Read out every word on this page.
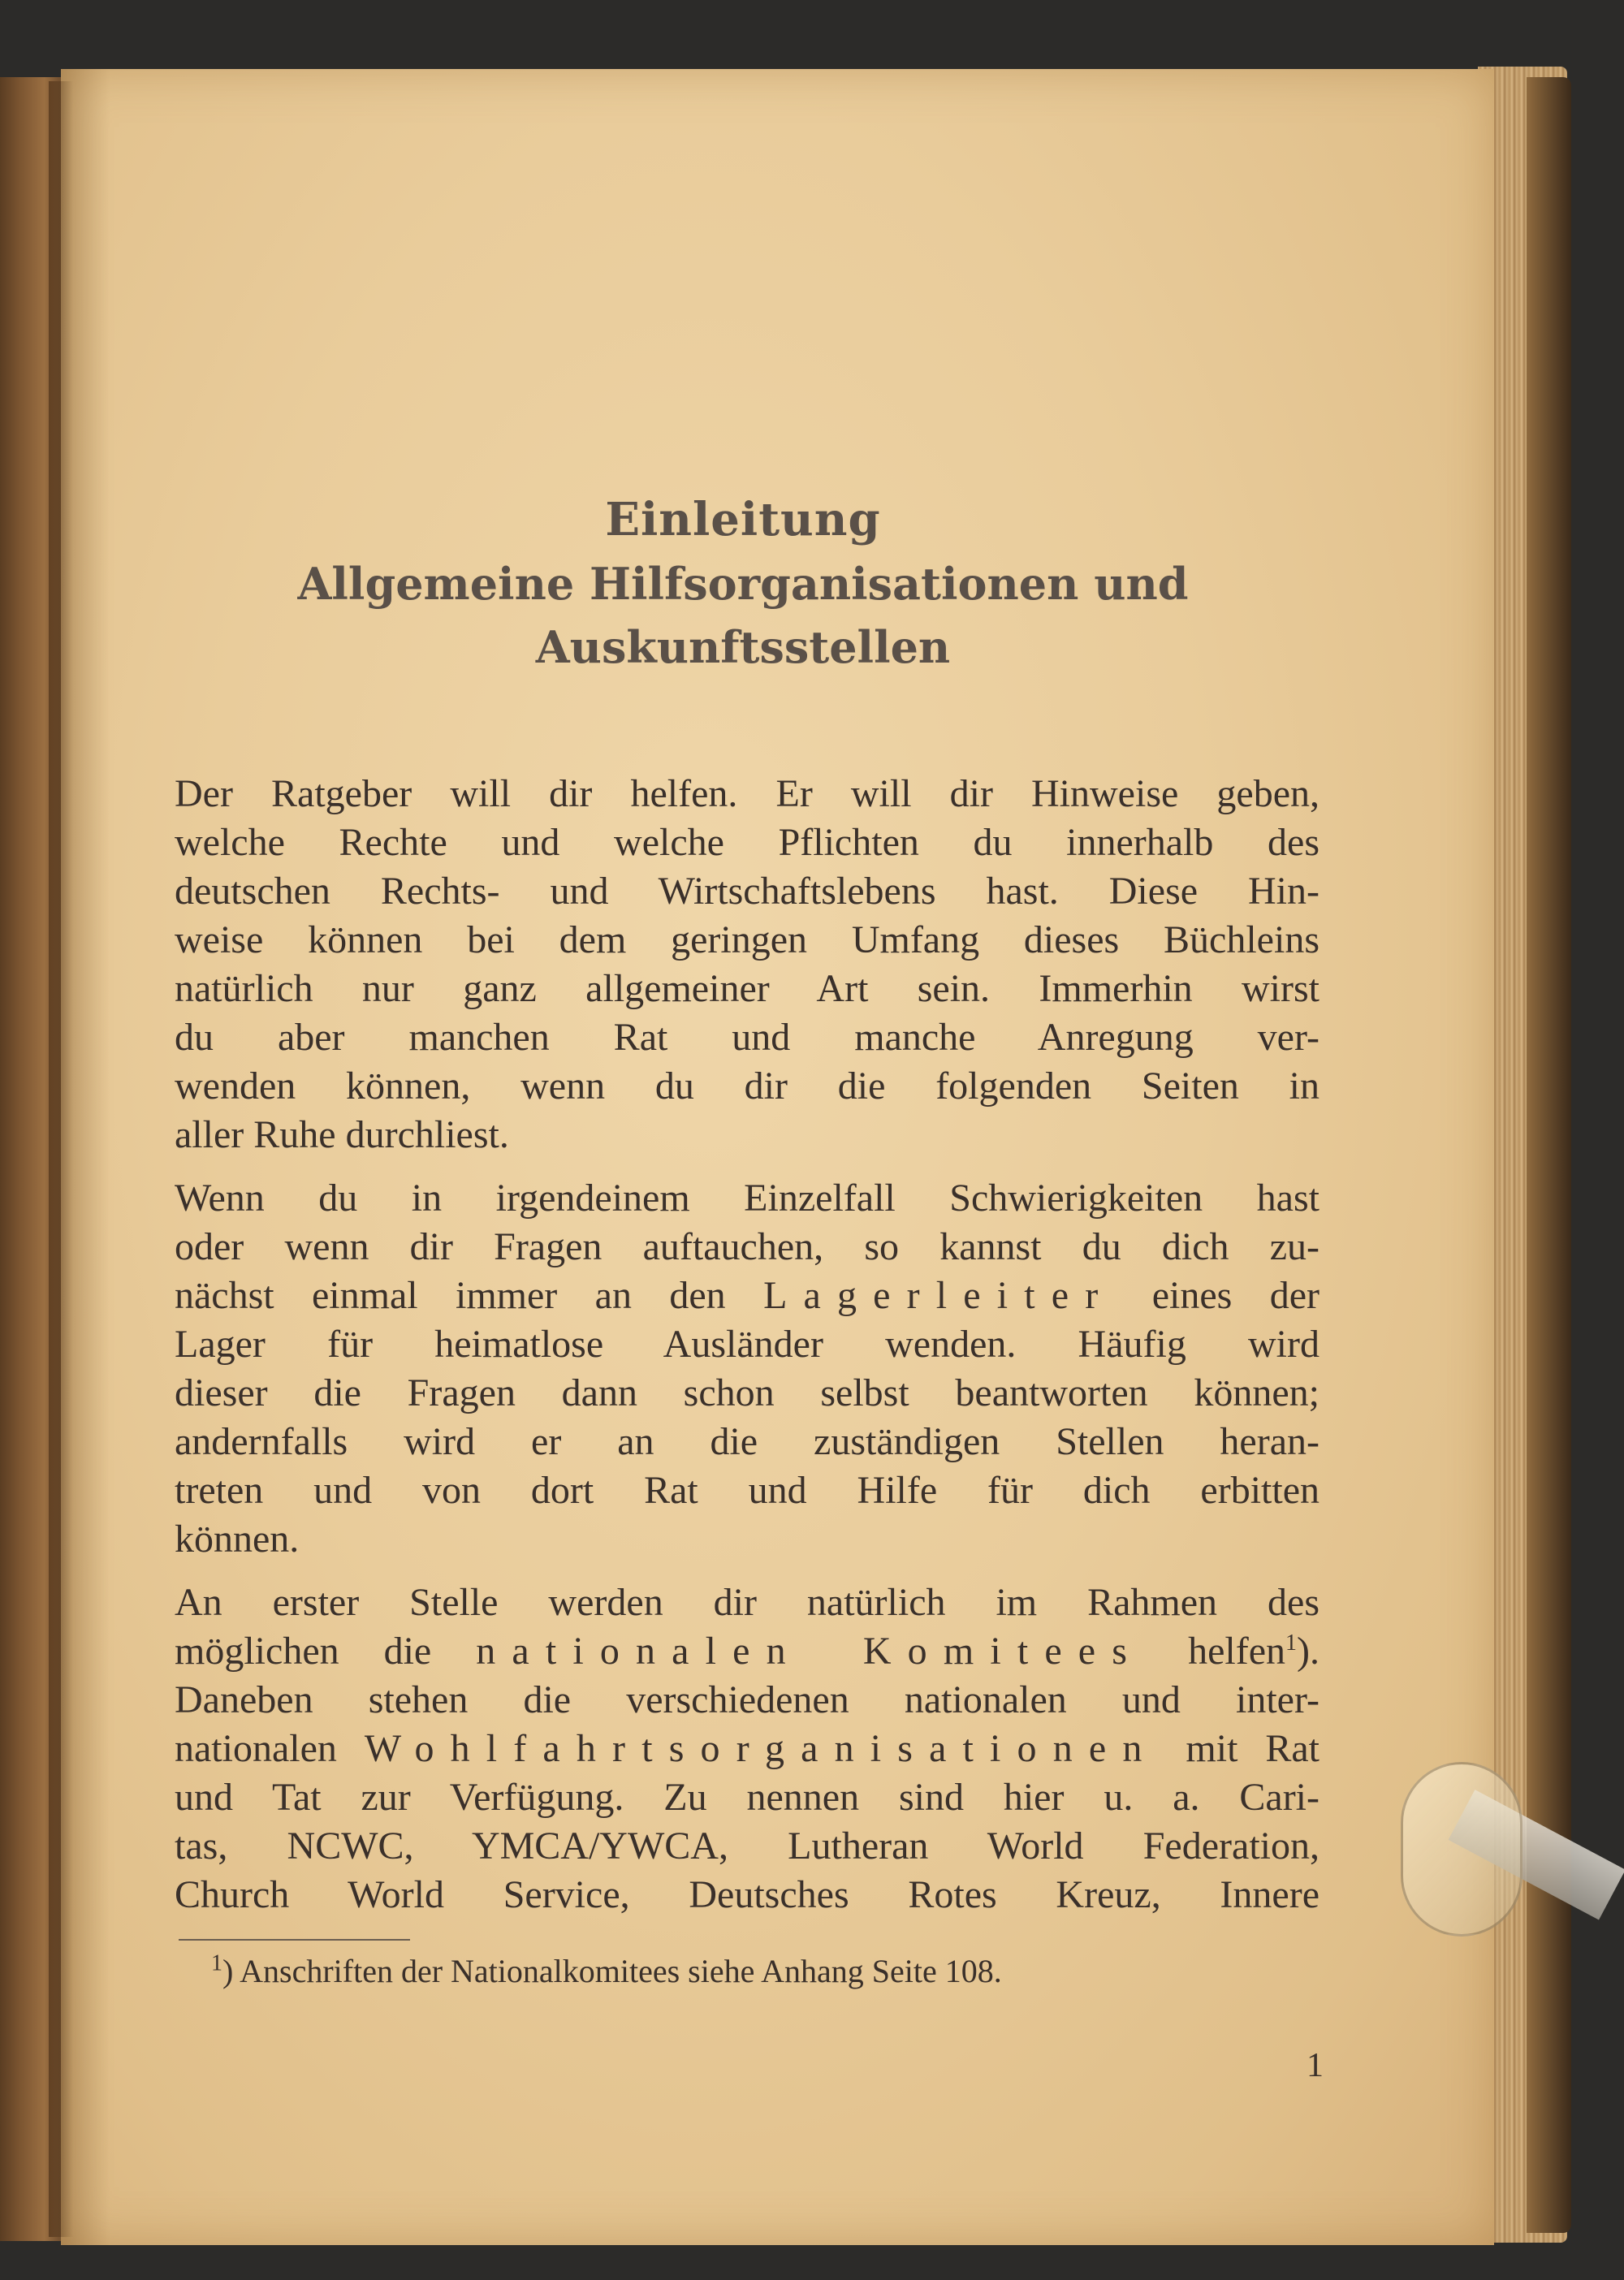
Einleitung

Allgemeine Hilfsorganisationen und

Auskunftsstellen

Der Ratgeber will dir helfen. Er will dir Hinweise geben,
welche Rechte und welche Pflichten du innerhalb des
deutschen Rechts- und Wirtschaftslebens hast. Diese Hin-
weise können bei dem geringen Umfang dieses Büchleins
natürlich nur ganz allgemeiner Art sein. Immerhin wirst
du aber manchen Rat und manche Anregung ver-
wenden können, wenn du dir die folgenden Seiten in
aller Ruhe durchliest.
Wenn du in irgendeinem Einzelfall Schwierigkeiten hast
oder wenn dir Fragen auftauchen, so kannst du dich zu-
nächst einmal immer an den Lagerleiter eines der
Lager für heimatlose Ausländer wenden. Häufig wird
dieser die Fragen dann schon selbst beantworten können;
andernfalls wird er an die zuständigen Stellen heran-
treten und von dort Rat und Hilfe für dich erbitten
können.
An erster Stelle werden dir natürlich im Rahmen des
möglichen die nationalen Komitees helfen$^1$).
Daneben stehen die verschiedenen nationalen und inter-
nationalen Wohlfahrtsorganisationen mit Rat
und Tat zur Verfügung. Zu nennen sind hier u. a. Cari-
tas, NCWC, YMCA/YWCA, Lutheran World Federation,
Church World Service, Deutsches Rotes Kreuz, Innere
$^1$) Anschriften der Nationalkomitees siehe Anhang Seite 108.
1
